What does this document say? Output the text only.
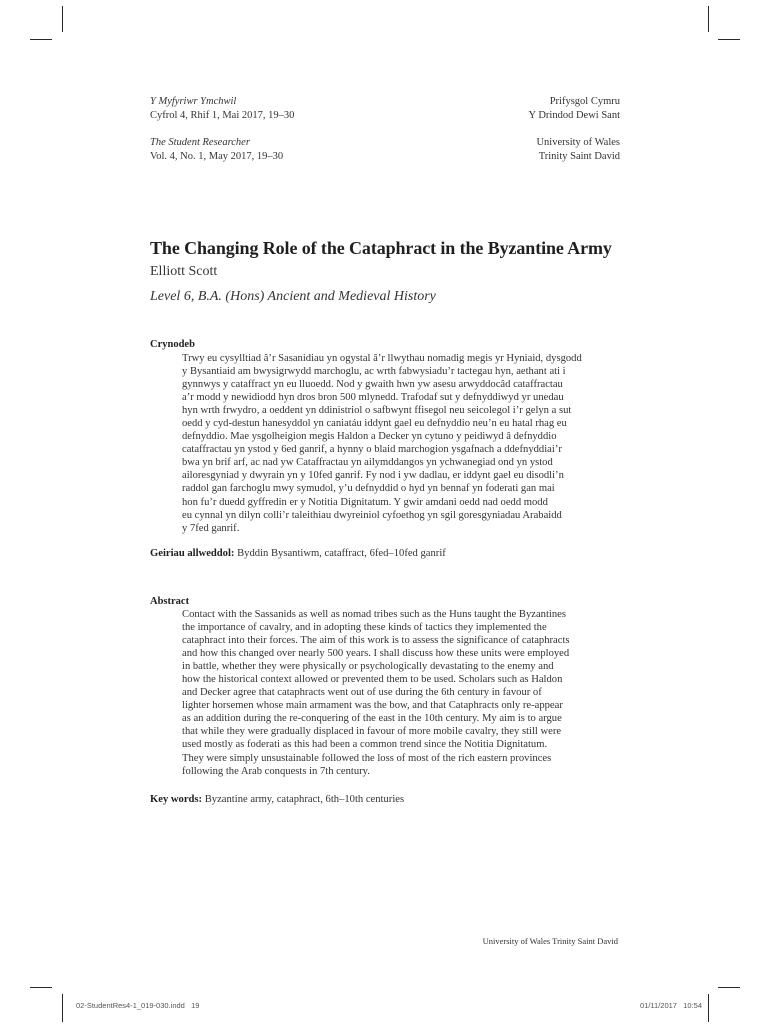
Y Myfyriwr Ymchwil
Cyfrol 4, Rhif 1, Mai 2017, 19–30
The Student Researcher
Vol. 4, No. 1, May 2017, 19–30
Prifysgol Cymru
Y Drindod Dewi Sant
University of Wales
Trinity Saint David
The Changing Role of the Cataphract in the Byzantine Army
Elliott Scott
Level 6, B.A. (Hons) Ancient and Medieval History
Crynodeb
Trwy eu cysylltiad â’r Sasanidiau yn ogystal â’r llwythau nomadig megis yr Hyniaid, dysgodd
y Bysantiaid am bwysigrwydd marchoglu, ac wrth fabwysiadu’r tactegau hyn, aethant ati i
gynnwys y cataffract yn eu lluoedd. Nod y gwaith hwn yw asesu arwyddocâd cataffractau
a’r modd y newidiodd hyn dros bron 500 mlynedd. Trafodaf sut y defnyddiwyd yr unedau
hyn wrth frwydro, a oeddent yn ddinistriol o safbwynt ffisegol neu seicolegol i’r gelyn a sut
oedd y cyd-destun hanesyddol yn caniatáu iddynt gael eu defnyddio neu’n eu hatal rhag eu
defnyddio. Mae ysgolheigion megis Haldon a Decker yn cytuno y peidiwyd â defnyddio
cataffractau yn ystod y 6ed ganrif, a hynny o blaid marchogion ysgafnach a ddefnyddiai’r
bwa yn brif arf, ac nad yw Cataffractau yn ailymddangos yn ychwanegiad ond yn ystod
ailoresgyniad y dwyrain yn y 10fed ganrif. Fy nod i yw dadlau, er iddynt gael eu disodli’n
raddol gan farchoglu mwy symudol, y’u defnyddid o hyd yn bennaf yn foderati gan mai
hon fu’r duedd gyffredin er y Notitia Dignitatum. Y gwir amdani oedd nad oedd modd
eu cynnal yn dilyn colli’r taleithiau dwyreiniol cyfoethog yn sgil goresgyniadau Arabaidd
y 7fed ganrif.
Geiriau allweddol: Byddin Bysantiwm, cataffract, 6fed–10fed ganrif
Abstract
Contact with the Sassanids as well as nomad tribes such as the Huns taught the Byzantines
the importance of cavalry, and in adopting these kinds of tactics they implemented the
cataphract into their forces. The aim of this work is to assess the significance of cataphracts
and how this changed over nearly 500 years. I shall discuss how these units were employed
in battle, whether they were physically or psychologically devastating to the enemy and
how the historical context allowed or prevented them to be used. Scholars such as Haldon
and Decker agree that cataphracts went out of use during the 6th century in favour of
lighter horsemen whose main armament was the bow, and that Cataphracts only re-appear
as an addition during the re-conquering of the east in the 10th century. My aim is to argue
that while they were gradually displaced in favour of more mobile cavalry, they still were
used mostly as foderati as this had been a common trend since the Notitia Dignitatum.
They were simply unsustainable followed the loss of most of the rich eastern provinces
following the Arab conquests in 7th century.
Key words: Byzantine army, cataphract, 6th–10th centuries
University of Wales Trinity Saint David
02-StudentRes4-1_019-030.indd   19	01/11/2017   10:54
